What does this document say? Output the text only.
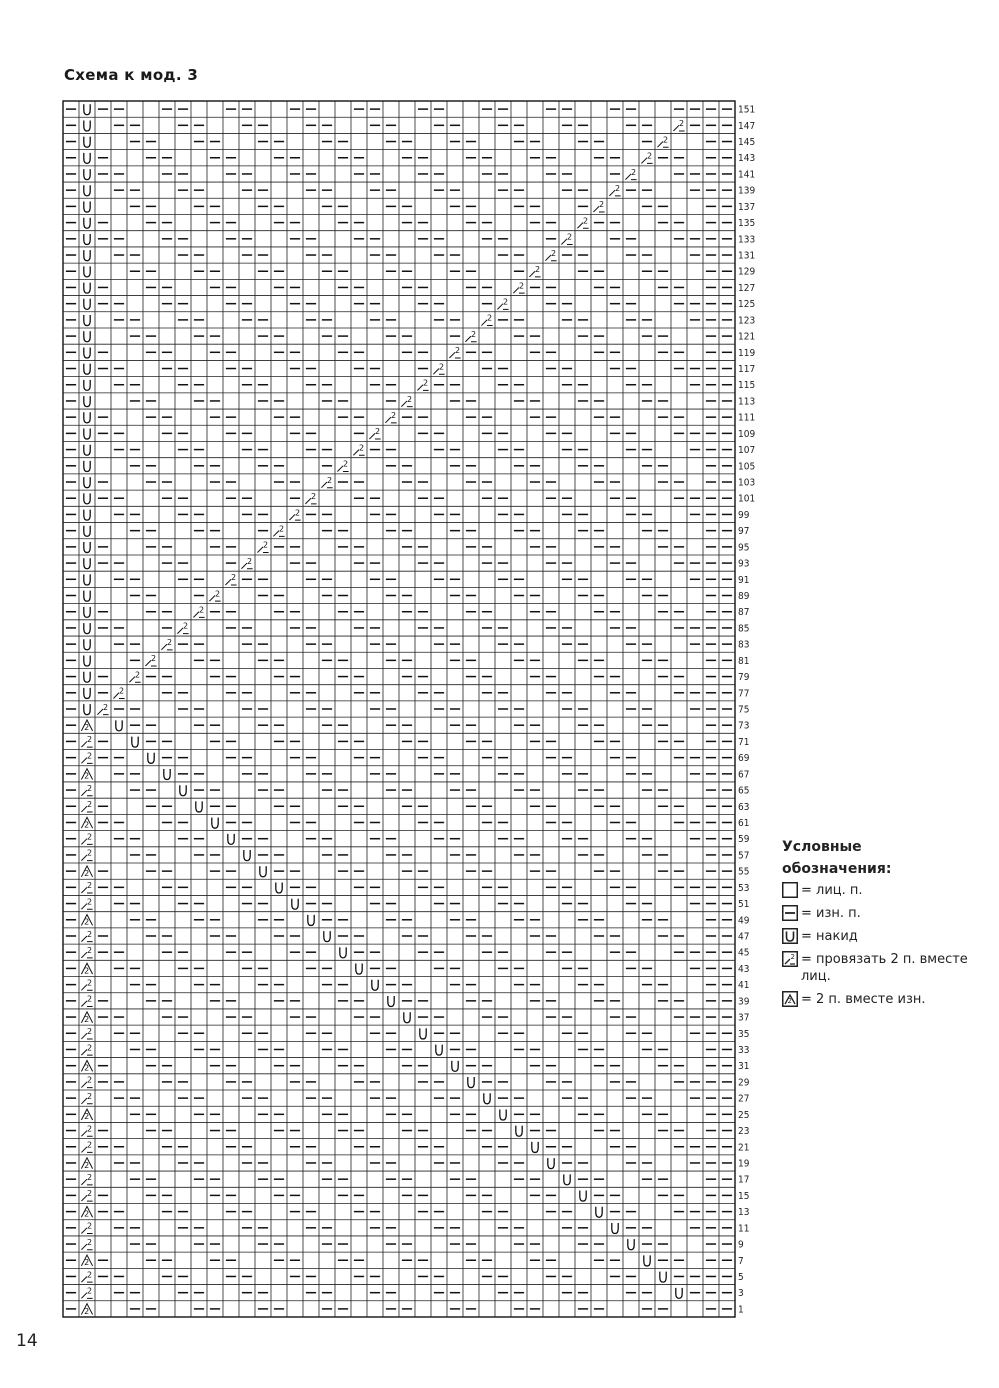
Схема к мод. 3
2
2
2
2
2
2
2
2
2
2
2
2
2
2
2
2
2
2
2
2
2
2
2
2
2
2
2
2
2
2
2
2
2
2
2
2
2
2
2
2
2
2
2
2
2
2
2
2
2
2
2
2
2
2
2
2
2
2
2
2
2
2
2
2
2
2
2
2
2
2
2
2
2
2
151
147
145
143
141
139
137
135
133
131
129
127
125
123
121
119
117
115
113
111
109
107
105
103
101
99
97
95
93
91
89
87
85
83
81
79
77
75
73
71
69
67
65
63
61
59
57
55
53
51
49
47
45
43
41
39
37
35
33
31
29
27
25
23
21
19
17
15
13
11
9
7
5
3
1
Условные
обозначения:
= лиц. п.
= изн. п.
= накид
2 = провязать 2 п. вместе лиц.
2 = 2 п. вместе изн.
14
